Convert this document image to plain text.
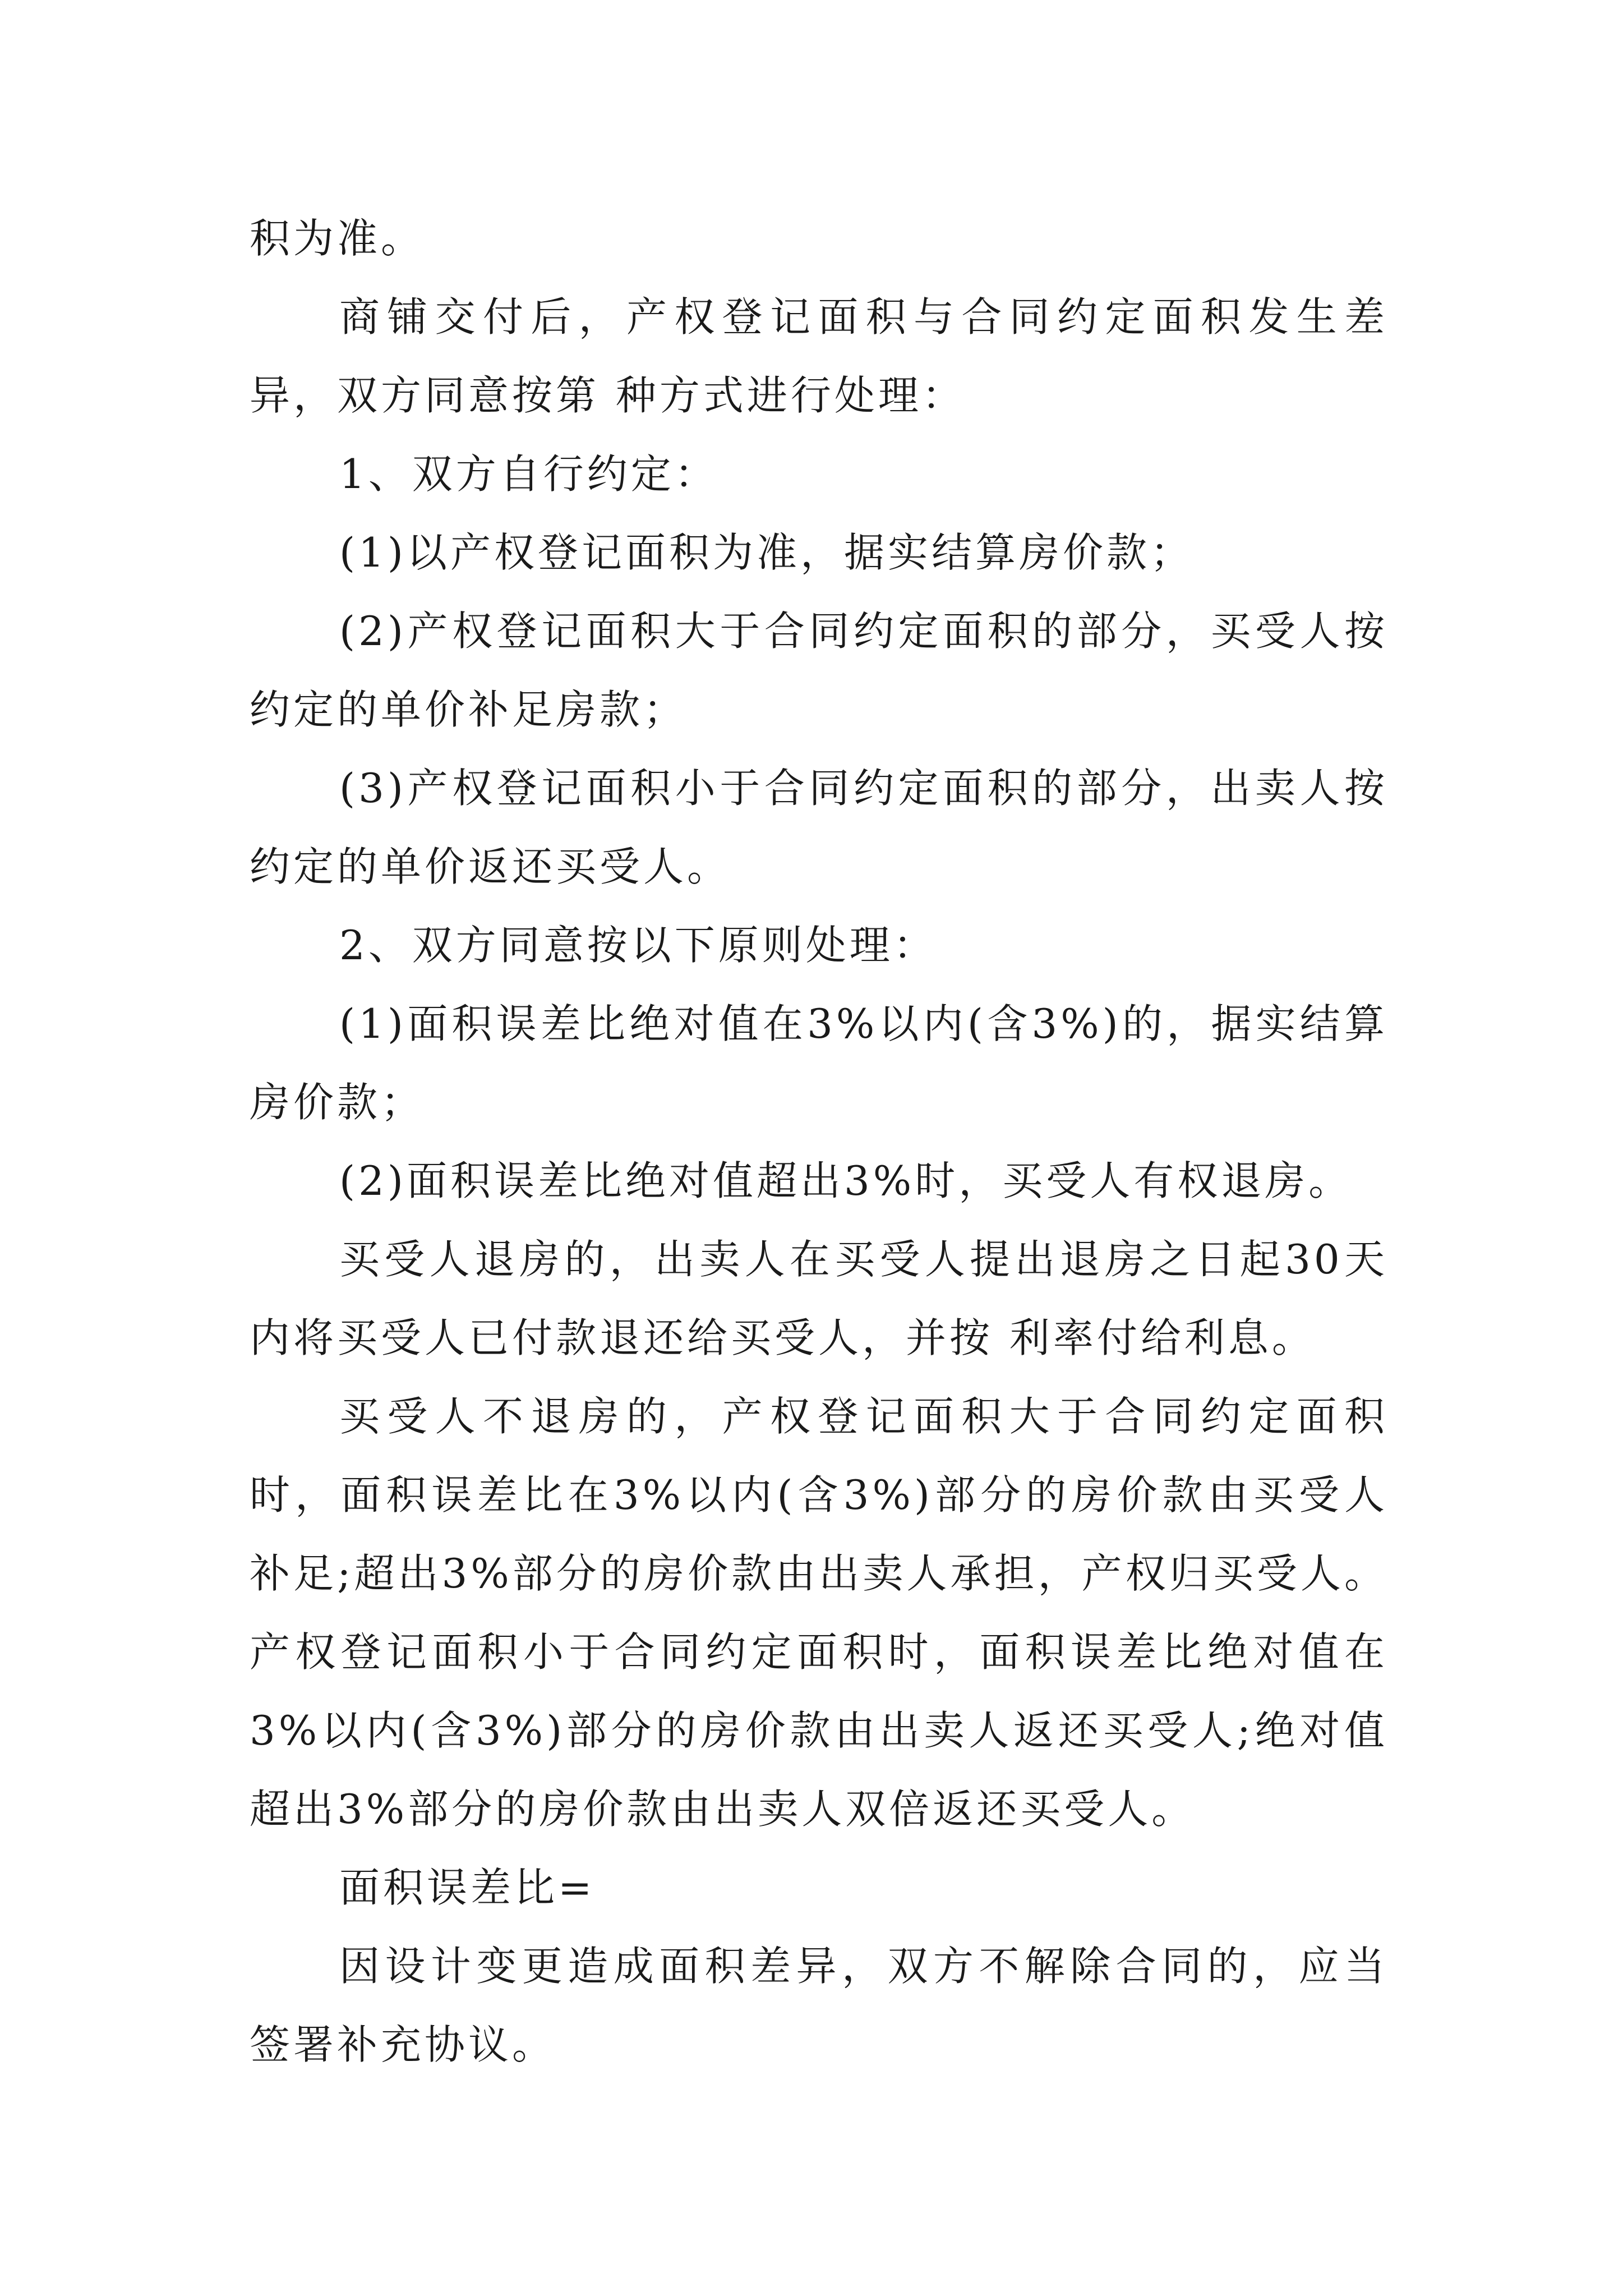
积为准。

商铺交付后，产权登记面积与合同约定面积发生差异，双方同意按第 种方式进行处理：

1、双方自行约定：

(1)以产权登记面积为准，据实结算房价款；

(2)产权登记面积大于合同约定面积的部分，买受人按约定的单价补足房款；

(3)产权登记面积小于合同约定面积的部分，出卖人按约定的单价返还买受人。

2、双方同意按以下原则处理：

(1)面积误差比绝对值在3%以内(含3%)的，据实结算房价款；

(2)面积误差比绝对值超出3%时，买受人有权退房。

买受人退房的，出卖人在买受人提出退房之日起30天内将买受人已付款退还给买受人，并按 利率付给利息。

买受人不退房的，产权登记面积大于合同约定面积时，面积误差比在3%以内(含3%)部分的房价款由买受人补足;超出3%部分的房价款由出卖人承担，产权归买受人。产权登记面积小于合同约定面积时，面积误差比绝对值在3%以内(含3%)部分的房价款由出卖人返还买受人;绝对值超出3%部分的房价款由出卖人双倍返还买受人。

面积误差比=

因设计变更造成面积差异，双方不解除合同的，应当签署补充协议。
